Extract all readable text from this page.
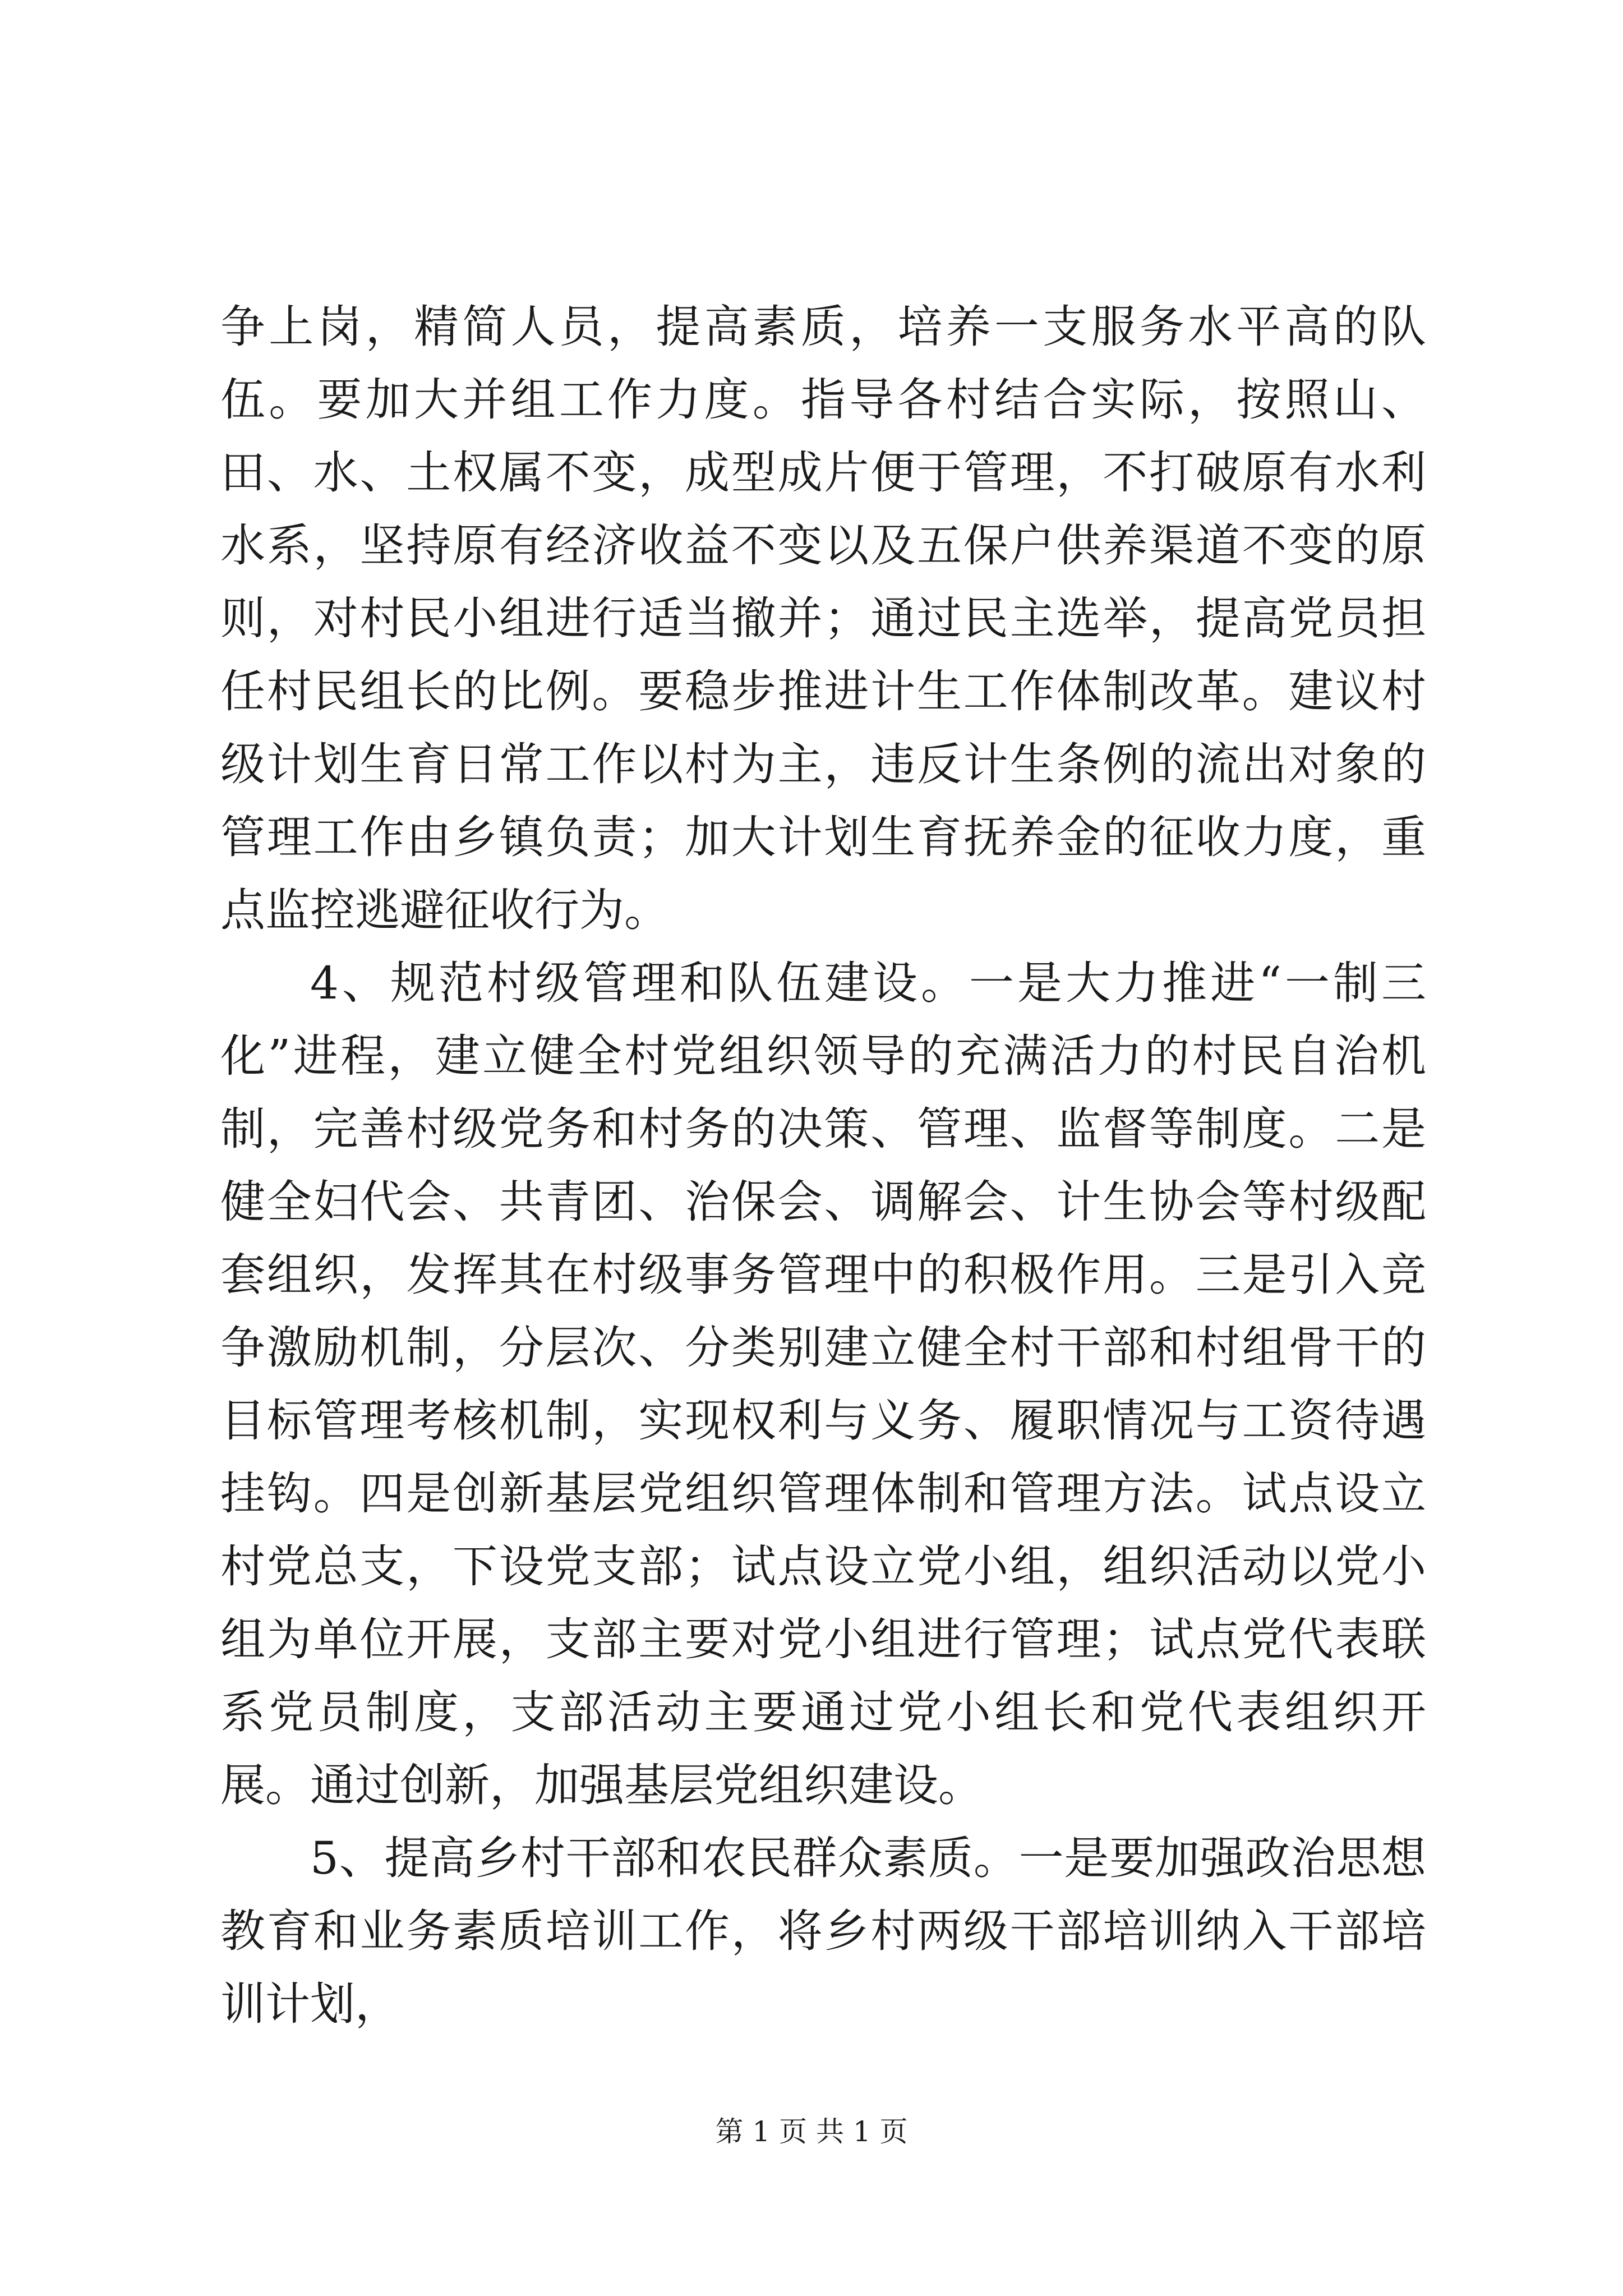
争上岗，精简人员，提高素质，培养一支服务水平高的队伍。要加大并组工作力度。指导各村结合实际，按照山、田、水、土权属不变，成型成片便于管理，不打破原有水利水系，坚持原有经济收益不变以及五保户供养渠道不变的原则，对村民小组进行适当撤并；通过民主选举，提高党员担任村民组长的比例。要稳步推进计生工作体制改革。建议村级计划生育日常工作以村为主，违反计生条例的流出对象的管理工作由乡镇负责；加大计划生育抚养金的征收力度，重点监控逃避征收行为。

4、规范村级管理和队伍建设。一是大力推进“一制三化”进程，建立健全村党组织领导的充满活力的村民自治机制，完善村级党务和村务的决策、管理、监督等制度。二是健全妇代会、共青团、治保会、调解会、计生协会等村级配套组织，发挥其在村级事务管理中的积极作用。三是引入竞争激励机制，分层次、分类别建立健全村干部和村组骨干的目标管理考核机制，实现权利与义务、履职情况与工资待遇挂钩。四是创新基层党组织管理体制和管理方法。试点设立村党总支，下设党支部；试点设立党小组，组织活动以党小组为单位开展，支部主要对党小组进行管理；试点党代表联系党员制度，支部活动主要通过党小组长和党代表组织开展。通过创新，加强基层党组织建设。

5、提高乡村干部和农民群众素质。一是要加强政治思想教育和业务素质培训工作，将乡村两级干部培训纳入干部培训计划，

第 1 页 共 1 页
